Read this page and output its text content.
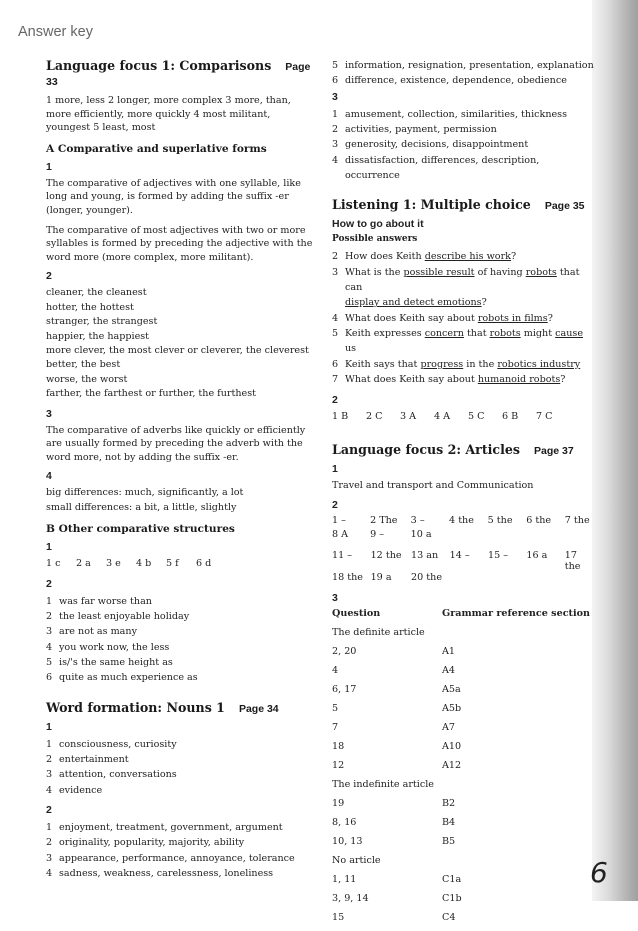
Answer key
Language focus 1: Comparisons Page 33
1 more, less 2 longer, more complex 3 more, than, more efficiently, more quickly 4 most militant, youngest 5 least, most
A Comparative and superlative forms
1
The comparative of adjectives with one syllable, like long and young, is formed by adding the suffix -er (longer, younger).
The comparative of most adjectives with two or more syllables is formed by preceding the adjective with the word more (more complex, more militant).
2
cleaner, the cleanest
hotter, the hottest
stranger, the strangest
happier, the happiest
more clever, the most clever or cleverer, the cleverest
better, the best
worse, the worst
farther, the farthest or further, the furthest
3
The comparative of adverbs like quickly or efficiently are usually formed by preceding the adverb with the word more, not by adding the suffix -er.
4
big differences: much, significantly, a lot
small differences: a bit, a little, slightly
B Other comparative structures
1
1 c	2 a	3 e	4 b	5 f	6 d
2
1 was far worse than
2 the least enjoyable holiday
3 are not as many
4 you work now, the less
5 is/'s the same height as
6 quite as much experience as
Word formation: Nouns 1 Page 34
1
1 consciousness, curiosity
2 entertainment
3 attention, conversations
4 evidence
2
1 enjoyment, treatment, government, argument
2 originality, popularity, majority, ability
3 appearance, performance, annoyance, tolerance
4 sadness, weakness, carelessness, loneliness
5 information, resignation, presentation, explanation
6 difference, existence, dependence, obedience
3
1 amusement, collection, similarities, thickness
2 activities, payment, permission
3 generosity, decisions, disappointment
4 dissatisfaction, differences, description, occurrence
Listening 1: Multiple choice Page 35
How to go about it
Possible answers
2 How does Keith describe his work?
3 What is the possible result of having robots that can
display and detect emotions?
4 What does Keith say about robots in films?
5 Keith expresses concern that robots might cause us
6 Keith says that progress in the robotics industry
7 What does Keith say about humanoid robots?
2
1 B	2 C	3 A	4 A	5 C	6 B	7 C
Language focus 2: Articles Page 37
1
Travel and transport and Communication
2
1 –	2 The	3 –	4 the	5 the	6 the	7 the
8 A	9 –	10 a				
11 –	12 the	13 an	14 –	15 –	16 a	17 the
18 the	19 a	20 the				
3
Question	Grammar reference section
The definite article	
2, 20	A1
4	A4
6, 17	A5a
5	A5b
7	A7
18	A10
12	A12
The indefinite article	
19	B2
8, 16	B4
10, 13	B5
No article	
1, 11	C1a
3, 9, 14	C1b
15	C4
6
